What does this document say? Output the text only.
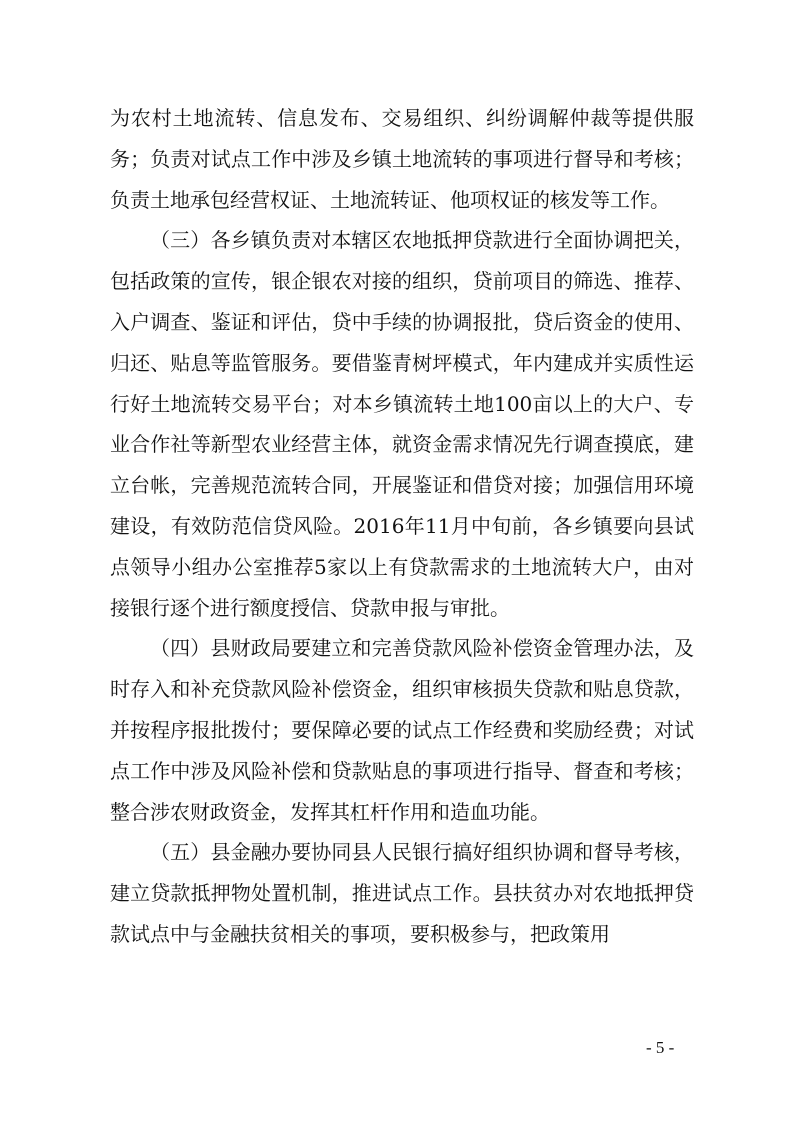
为农村土地流转、信息发布、交易组织、纠纷调解仲裁等提供服务；负责对试点工作中涉及乡镇土地流转的事项进行督导和考核；负责土地承包经营权证、土地流转证、他项权证的核发等工作。

（三）各乡镇负责对本辖区农地抵押贷款进行全面协调把关，包括政策的宣传，银企银农对接的组织，贷前项目的筛选、推荐、入户调查、鉴证和评估，贷中手续的协调报批，贷后资金的使用、归还、贴息等监管服务。要借鉴青树坪模式，年内建成并实质性运行好土地流转交易平台；对本乡镇流转土地100亩以上的大户、专业合作社等新型农业经营主体，就资金需求情况先行调查摸底，建立台帐，完善规范流转合同，开展鉴证和借贷对接；加强信用环境建设，有效防范信贷风险。2016年11月中旬前，各乡镇要向县试点领导小组办公室推荐5家以上有贷款需求的土地流转大户，由对接银行逐个进行额度授信、贷款申报与审批。

（四）县财政局要建立和完善贷款风险补偿资金管理办法，及时存入和补充贷款风险补偿资金，组织审核损失贷款和贴息贷款，并按程序报批拨付；要保障必要的试点工作经费和奖励经费；对试点工作中涉及风险补偿和贷款贴息的事项进行指导、督查和考核；整合涉农财政资金，发挥其杠杆作用和造血功能。

（五）县金融办要协同县人民银行搞好组织协调和督导考核，建立贷款抵押物处置机制，推进试点工作。县扶贫办对农地抵押贷款试点中与金融扶贫相关的事项，要积极参与，把政策用

- 5 -
